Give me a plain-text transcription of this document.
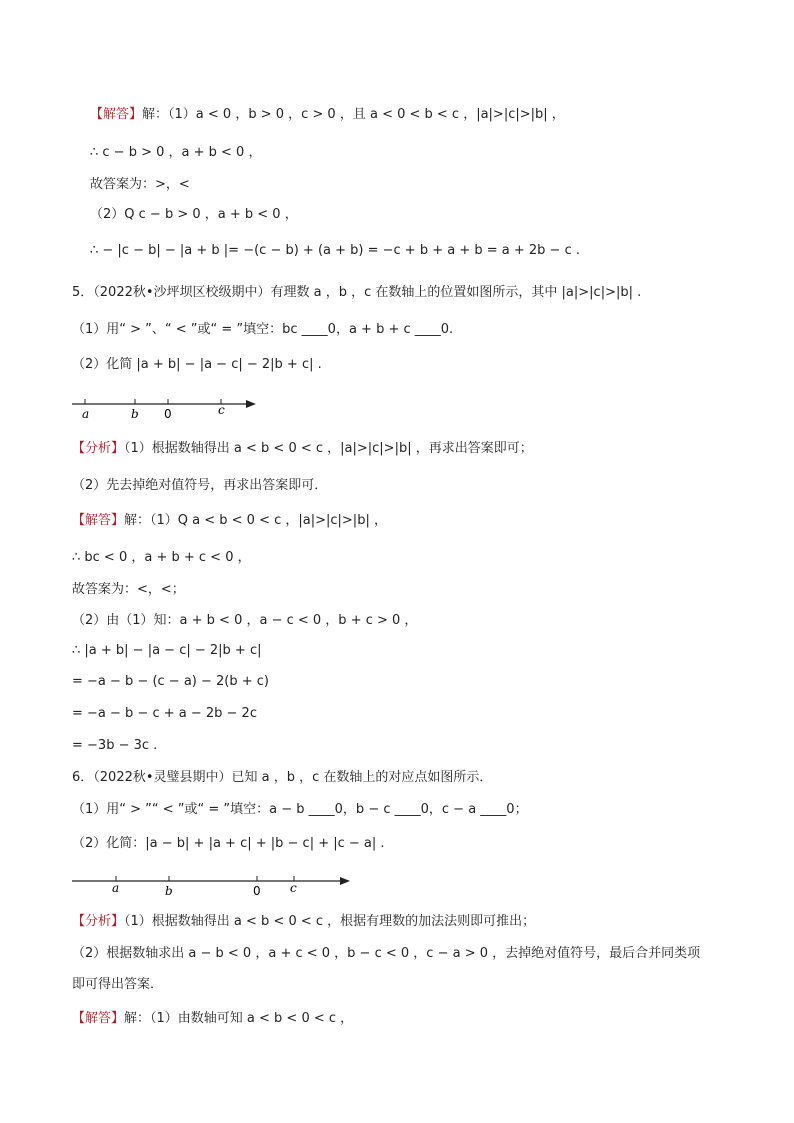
【解答】解：（1）a < 0 ，b > 0 ，c > 0 ，且 a < 0 < b < c ，|a|>|c|>|b| ，
∴ c − b > 0 ，a + b < 0 ，
故答案为：>，<
（2）Q c − b > 0 ，a + b < 0 ，
∴ − |c − b| − |a + b |= −(c − b) + (a + b) = −c + b + a + b = a + 2b − c .
5．（2022秋•沙坪坝区校级期中）有理数 a ，b ，c 在数轴上的位置如图所示，其中 |a|>|c|>|b| .
（1）用“ > ”、“ < ”或“ = ”填空：bc ____0，a + b + c ____0.
（2）化简 |a + b| − |a − c| − 2|b + c| .
a	b 0	c
【分析】（1）根据数轴得出 a < b < 0 < c ，|a|>|c|>|b| ，再求出答案即可；
（2）先去掉绝对值符号，再求出答案即可．
【解答】解：（1）Q a < b < 0 < c ，|a|>|c|>|b| ，
∴ bc < 0 ，a + b + c < 0 ，
故答案为：<，<；
（2）由（1）知：a + b < 0 ，a − c < 0 ，b + c > 0 ，
∴ |a + b| − |a − c| − 2|b + c|
= −a − b − (c − a) − 2(b + c)
= −a − b − c + a − 2b − 2c
= −3b − 3c .
6．（2022秋•灵璧县期中）已知 a ，b ，c 在数轴上的对应点如图所示．
（1）用“ > ”“ < ”或“ = ”填空：a − b ____0，b − c ____0，c − a ____0；
（2）化简：|a − b| + |a + c| + |b − c| + |c − a| .
a	b	0 c
【分析】（1）根据数轴得出 a < b < 0 < c ，根据有理数的加法法则即可推出；
（2）根据数轴求出 a − b < 0 ，a + c < 0 ，b − c < 0 ，c − a > 0 ，去掉绝对值符号，最后合并同类项
即可得出答案．
【解答】解：（1）由数轴可知 a < b < 0 < c ，
